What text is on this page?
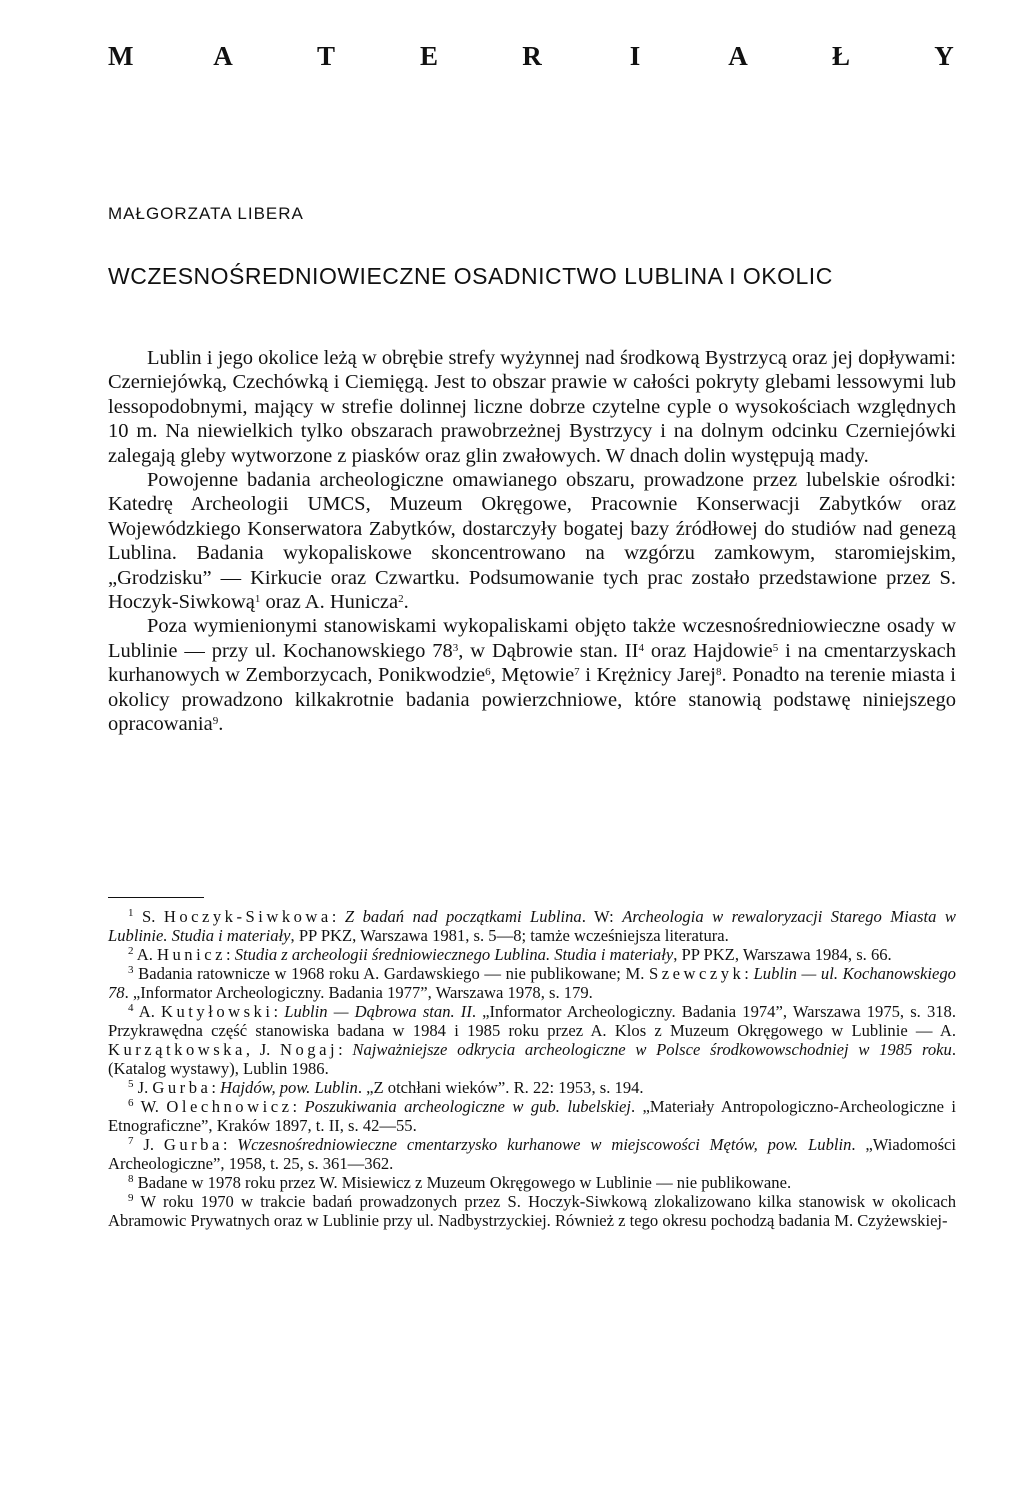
M	A	T	E	R	I	A	Ł	Y
MAŁGORZATA LIBERA
WCZESNOŚREDNIOWIECZNE OSADNICTWO LUBLINA I OKOLIC

Lublin i jego okolice leżą w obrębie strefy wyżynnej nad środkową Bystrzycą oraz jej dopływami: Czerniejówką, Czechówką i Ciemięgą. Jest to obszar prawie w całości pokryty glebami lessowymi lub lessopodobnymi, mający w strefie dolinnej liczne dobrze czytelne cyple o wysokościach względnych 10 m. Na niewielkich tylko obszarach prawobrzeżnej Bystrzycy i na dolnym odcinku Czerniejówki zalegają gleby wytworzone z piasków oraz glin zwałowych. W dnach dolin występują mady.

Powojenne badania archeologiczne omawianego obszaru, prowadzone przez lubelskie ośrodki: Katedrę Archeologii UMCS, Muzeum Okręgowe, Pracownie Konserwacji Zabytków oraz Wojewódzkiego Konserwatora Zabytków, dostarczyły bogatej bazy źródłowej do studiów nad genezą Lublina. Badania wykopaliskowe skoncentrowano na wzgórzu zamkowym, staromiejskim, „Grodzisku” — Kirkucie oraz Czwartku. Podsumowanie tych prac zostało przedstawione przez S. Hoczyk-Siwkową$^1$ oraz A. Hunicza$^2$.

Poza wymienionymi stanowiskami wykopaliskami objęto także wczesnośredniowieczne osady w Lublinie — przy ul. Kochanowskiego $78^3$, w Dąbrowie stan. $II^4$ oraz Hajdowie$^5$ i na cmentarzyskach kurhanowych w Zemborzycach, Ponikwodzie$^6$, Mętowie$^7$ i Krężnicy Jarej$^8$. Ponadto na terenie miasta i okolicy prowadzono kilkakrotnie badania powierzchniowe, które stanowią podstawę niniejszego opracowania$^9$.

$^1$ S. Hoczyk-Siwkowa: Z badań nad początkami Lublina. W: Archeologia w rewaloryzacji Starego Miasta w Lublinie. Studia i materiały, PP PKZ, Warszawa 1981, s. 5—8; tamże wcześniejsza literatura.

$^2$ A. Hunicz: Studia z archeologii średniowiecznego Lublina. Studia i materiały, PP PKZ, Warszawa 1984, s. 66.

$^3$ Badania ratownicze w 1968 roku A. Gardawskiego — nie publikowane; M. Szewczyk: Lublin — ul. Kochanowskiego 78. „Informator Archeologiczny. Badania 1977”, Warszawa 1978, s. 179.

$^4$ A. Kutyłowski: Lublin — Dąbrowa stan. II. „Informator Archeologiczny. Badania 1974”, Warszawa 1975, s. 318. Przykrawędna część stanowiska badana w 1984 i 1985 roku przez A. Klos z Muzeum Okręgowego w Lublinie — A. Kurzątkowska, J. Nogaj: Najważniejsze odkrycia archeologiczne w Polsce środkowowschodniej w 1985 roku. (Katalog wystawy), Lublin 1986.

$^5$ J. Gurba: Hajdów, pow. Lublin. „Z otchłani wieków”. R. 22: 1953, s. 194.

$^6$ W. Olechnowicz: Poszukiwania archeologiczne w gub. lubelskiej. „Materiały Antropologiczno-Archeologiczne i Etnograficzne”, Kraków 1897, t. II, s. 42—55.

$^7$ J. Gurba: Wczesnośredniowieczne cmentarzysko kurhanowe w miejscowości Mętów, pow. Lublin. „Wiadomości Archeologiczne”, 1958, t. 25, s. 361—362.

$^8$ Badane w 1978 roku przez W. Misiewicz z Muzeum Okręgowego w Lublinie — nie publikowane.

$^9$ W roku 1970 w trakcie badań prowadzonych przez S. Hoczyk-Siwkową zlokalizowano kilka stanowisk w okolicach Abramowic Prywatnych oraz w Lublinie przy ul. Nadbystrzyckiej. Również z tego okresu pochodzą badania M. Czyżewskiej-
